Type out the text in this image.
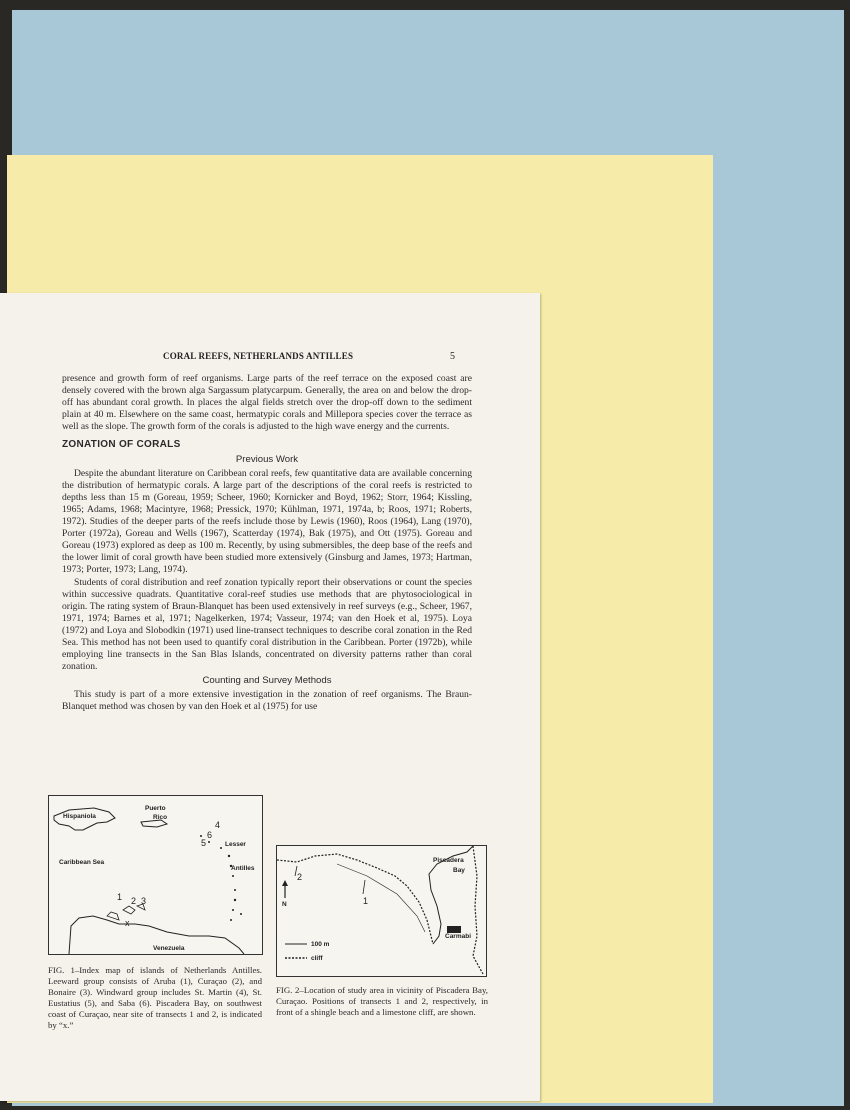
CORAL REEFS, NETHERLANDS ANTILLES	5

presence and growth form of reef organisms. Large parts of the reef terrace on the exposed coast are densely covered with the brown alga Sargassum platycarpum. Generally, the area on and below the drop-off has abundant coral growth. In places the algal fields stretch over the drop-off down to the sediment plain at 40 m. Elsewhere on the same coast, hermatypic corals and Millepora species cover the terrace as well as the slope. The growth form of the corals is adjusted to the high wave energy and the currents.

ZONATION OF CORALS
Previous Work

Despite the abundant literature on Caribbean coral reefs, few quantitative data are available concerning the distribution of hermatypic corals. A large part of the descriptions of the coral reefs is restricted to depths less than 15 m (Goreau, 1959; Scheer, 1960; Kornicker and Boyd, 1962; Storr, 1964; Kissling, 1965; Adams, 1968; Macintyre, 1968; Pressick, 1970; Kühlman, 1971, 1974a, b; Roos, 1971; Roberts, 1972). Studies of the deeper parts of the reefs include those by Lewis (1960), Roos (1964), Lang (1970), Porter (1972a), Goreau and Wells (1967), Scatterday (1974), Bak (1975), and Ott (1975). Goreau and Goreau (1973) explored as deep as 100 m. Recently, by using submersibles, the deep base of the reefs and the lower limit of coral growth have been studied more extensively (Ginsburg and James, 1973; Hartman, 1973; Porter, 1973; Lang, 1974).

Students of coral distribution and reef zonation typically report their observations or count the species within successive quadrats. Quantitative coral-reef studies use methods that are phytosociological in origin. The rating system of Braun-Blanquet has been used extensively in reef surveys (e.g., Scheer, 1967, 1971, 1974; Barnes et al, 1971; Nagelkerken, 1974; Vasseur, 1974; van den Hoek et al, 1975). Loya (1972) and Loya and Slobodkin (1971) used line-transect techniques to describe coral zonation in the Red Sea. This method has not been used to quantify coral distribution in the Caribbean. Porter (1972b), while employing line transects in the San Blas Islands, concentrated on diversity patterns rather than coral zonation.

Counting and Survey Methods

This study is part of a more extensive investigation in the zonation of reef organisms. The Braun-Blanquet method was chosen by van den Hoek et al (1975) for use

Hispaniola
Puerto
Rico
Caribbean Sea
Lesser
Antilles
Venezuela
1 2 3
4
5
6
x
2
1
Piscadera
Bay
Carmabi
N
100 m
cliff
FIG. 1–Index map of islands of Netherlands Antilles. Leeward group consists of Aruba (1), Curaçao (2), and Bonaire (3). Windward group includes St. Martin (4), St. Eustatius (5), and Saba (6). Piscadera Bay, on southwest coast of Curaçao, near site of transects 1 and 2, is indicated by “x.”
FIG. 2–Location of study area in vicinity of Piscadera Bay, Curaçao. Positions of transects 1 and 2, respectively, in front of a shingle beach and a limestone cliff, are shown.
